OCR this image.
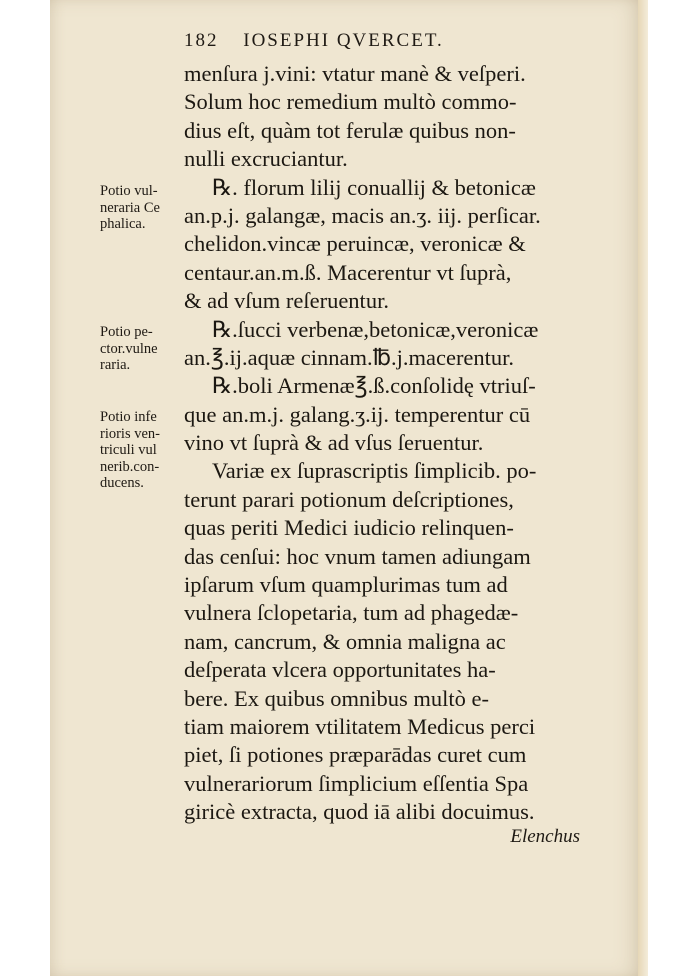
182 IOSEPHI QVERCET.
menſura j.vini: vtatur manè & veſperi.
Solum hoc remedium multò commo-
dius eſt, quàm tot ferulæ quibus non-
nulli excruciantur.
℞. florum lilij conuallij & betonicæ
an.p.j. galangæ, macis an.ʒ. iij. perſicar.
chelidon.vincæ peruincæ, veronicæ &
centaur.an.m.ß. Macerentur vt ſuprà,
& ad vſum reſeruentur.
℞.ſucci verbenæ,betonicæ,veronicæ
an.℥.ij.aquæ cinnam.℔.j.macerentur.
℞.boli Armenæ℥.ß.conſolidę vtriuſ-
que an.m.j. galang.ʒ.ij. temperentur cū
vino vt ſuprà & ad vſus ſeruentur.
Variæ ex ſuprascriptis ſimplicib. po-
terunt parari potionum deſcriptiones,
quas periti Medici iudicio relinquen-
das cenſui: hoc vnum tamen adiungam
ipſarum vſum quamplurimas tum ad
vulnera ſclopetaria, tum ad phagedæ-
nam, cancrum, & omnia maligna ac
deſperata vlcera opportunitates ha-
bere. Ex quibus omnibus multò e-
tiam maiorem vtilitatem Medicus perci
piet, ſi potiones præparādas curet cum
vulnerariorum ſimplicium eſſentia Spa
giricè extracta, quod iā alibi docuimus.
Potio vul-
neraria Ce
phalica.
Potio pe-
ctor.vulne
raria.
Potio infe
rioris ven-
triculi vul
nerib.con-
ducens.
Elenchus
